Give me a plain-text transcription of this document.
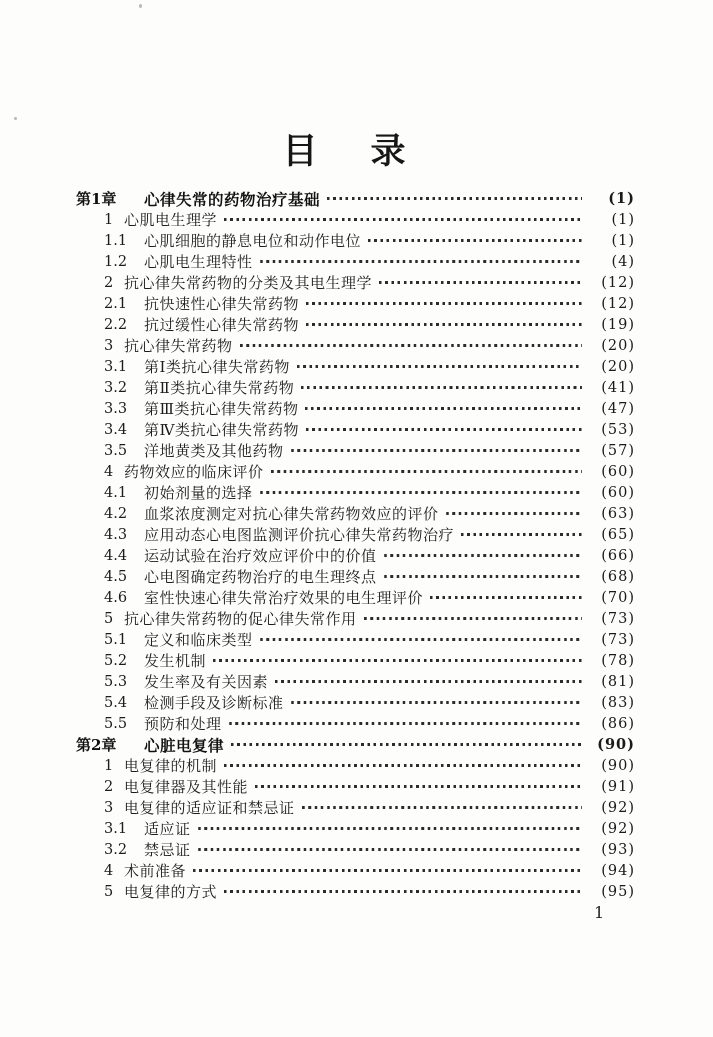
目　录
第1章	心律失常的药物治疗基础	(1)
1 心肌电生理学	(1)
1.1	心肌细胞的静息电位和动作电位	(1)
1.2	心肌电生理特性	(4)
2 抗心律失常药物的分类及其电生理学	(12)
2.1	抗快速性心律失常药物	(12)
2.2	抗过缓性心律失常药物	(19)
3 抗心律失常药物	(20)
3.1	第Ⅰ类抗心律失常药物	(20)
3.2	第Ⅱ类抗心律失常药物	(41)
3.3	第Ⅲ类抗心律失常药物	(47)
3.4	第Ⅳ类抗心律失常药物	(53)
3.5	洋地黄类及其他药物	(57)
4 药物效应的临床评价	(60)
4.1	初始剂量的选择	(60)
4.2	血浆浓度测定对抗心律失常药物效应的评价	(63)
4.3	应用动态心电图监测评价抗心律失常药物治疗	(65)
4.4	运动试验在治疗效应评价中的价值	(66)
4.5	心电图确定药物治疗的电生理终点	(68)
4.6	室性快速心律失常治疗效果的电生理评价	(70)
5 抗心律失常药物的促心律失常作用	(73)
5.1	定义和临床类型	(73)
5.2	发生机制	(78)
5.3	发生率及有关因素	(81)
5.4	检测手段及诊断标准	(83)
5.5	预防和处理	(86)
第2章	心脏电复律	(90)
1 电复律的机制	(90)
2 电复律器及其性能	(91)
3 电复律的适应证和禁忌证	(92)
3.1	适应证	(92)
3.2	禁忌证	(93)
4 术前准备	(94)
5 电复律的方式	(95)
1
